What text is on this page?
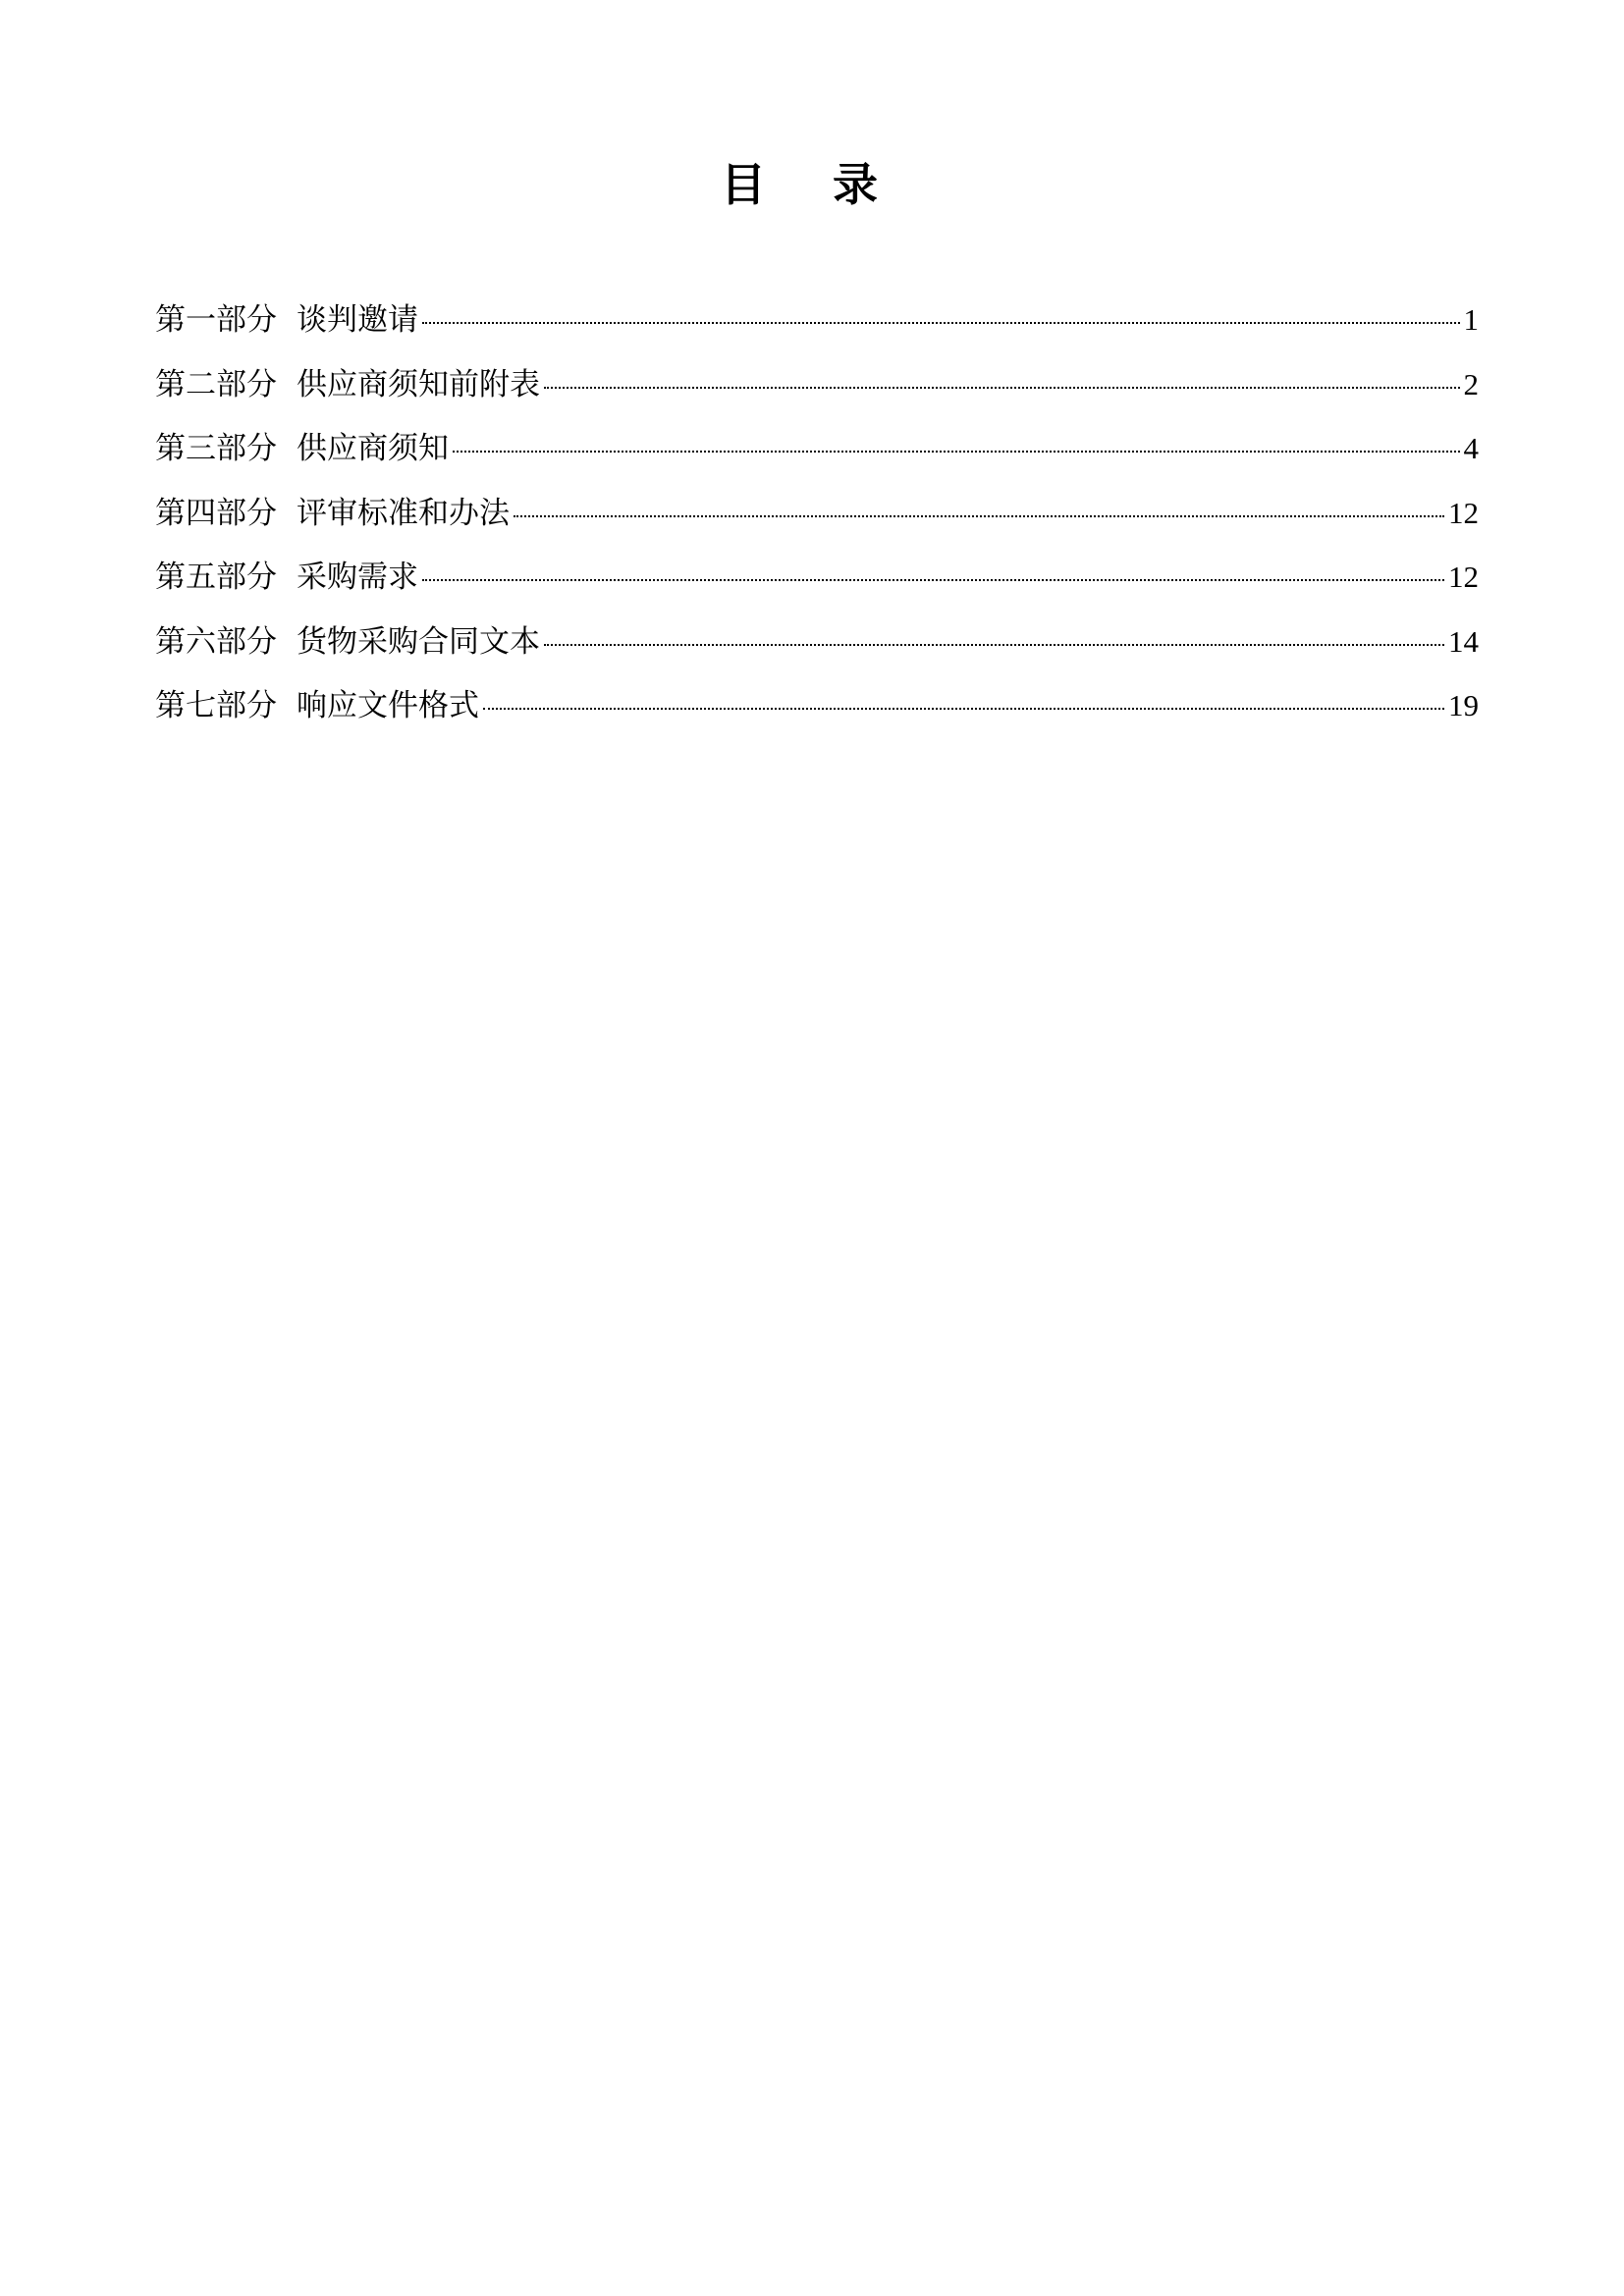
目 录
第一部分 谈判邀请	1
第二部分 供应商须知前附表	2
第三部分 供应商须知	4
第四部分 评审标准和办法	12
第五部分 采购需求	12
第六部分 货物采购合同文本	14
第七部分 响应文件格式	19
